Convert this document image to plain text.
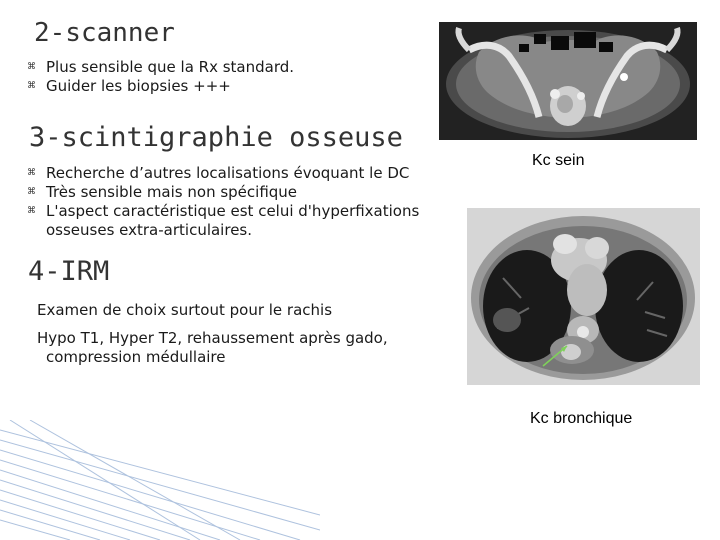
2-scanner
⌘ Plus sensible que la Rx standard.
⌘ Guider les biopsies +++
3-scintigraphie osseuse
⌘ Recherche d’autres localisations évoquant le DC
⌘ Très sensible mais non spécifique
⌘ L'aspect caractéristique est celui d'hyperfixations osseuses extra-articulaires.
4-IRM
Examen de choix surtout pour le rachis
Hypo T1, Hyper T2, rehaussement après gado, compression médullaire
Kc sein
Kc bronchique
